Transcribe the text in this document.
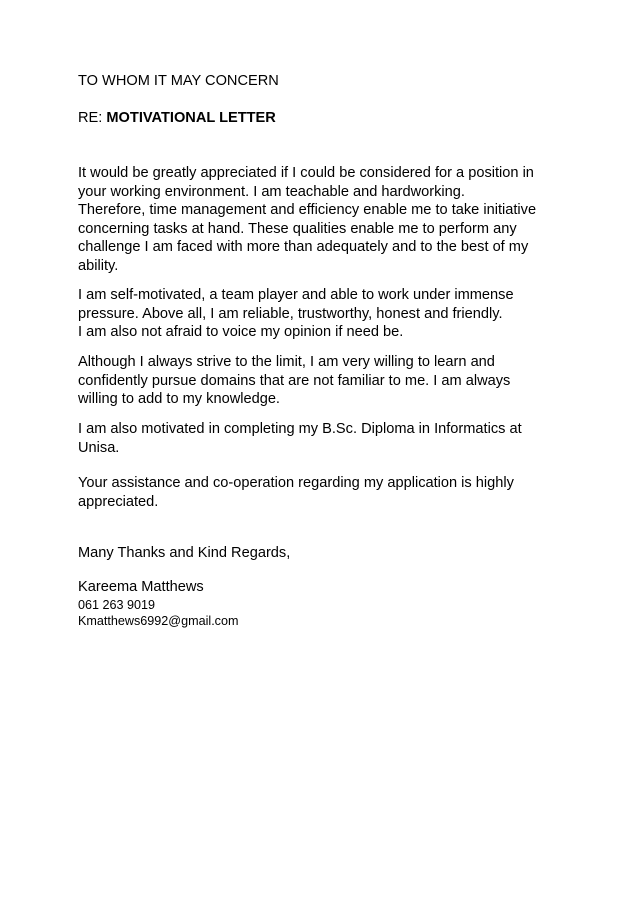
TO WHOM IT MAY CONCERN

RE: MOTIVATIONAL LETTER

It would be greatly appreciated if I could be considered for a position in
your working environment. I am teachable and hardworking.
Therefore, time management and efficiency enable me to take initiative
concerning tasks at hand. These qualities enable me to perform any
challenge I am faced with more than adequately and to the best of my
ability.
I am self-motivated, a team player and able to work under immense
pressure. Above all, I am reliable, trustworthy, honest and friendly.
I am also not afraid to voice my opinion if need be.
Although I always strive to the limit, I am very willing to learn and
confidently pursue domains that are not familiar to me. I am always
willing to add to my knowledge.
I am also motivated in completing my B.Sc. Diploma in Informatics at
Unisa.
Your assistance and co-operation regarding my application is highly
appreciated.

Many Thanks and Kind Regards,

Kareema Matthews

061 263 9019

Kmatthews6992@gmail.com
